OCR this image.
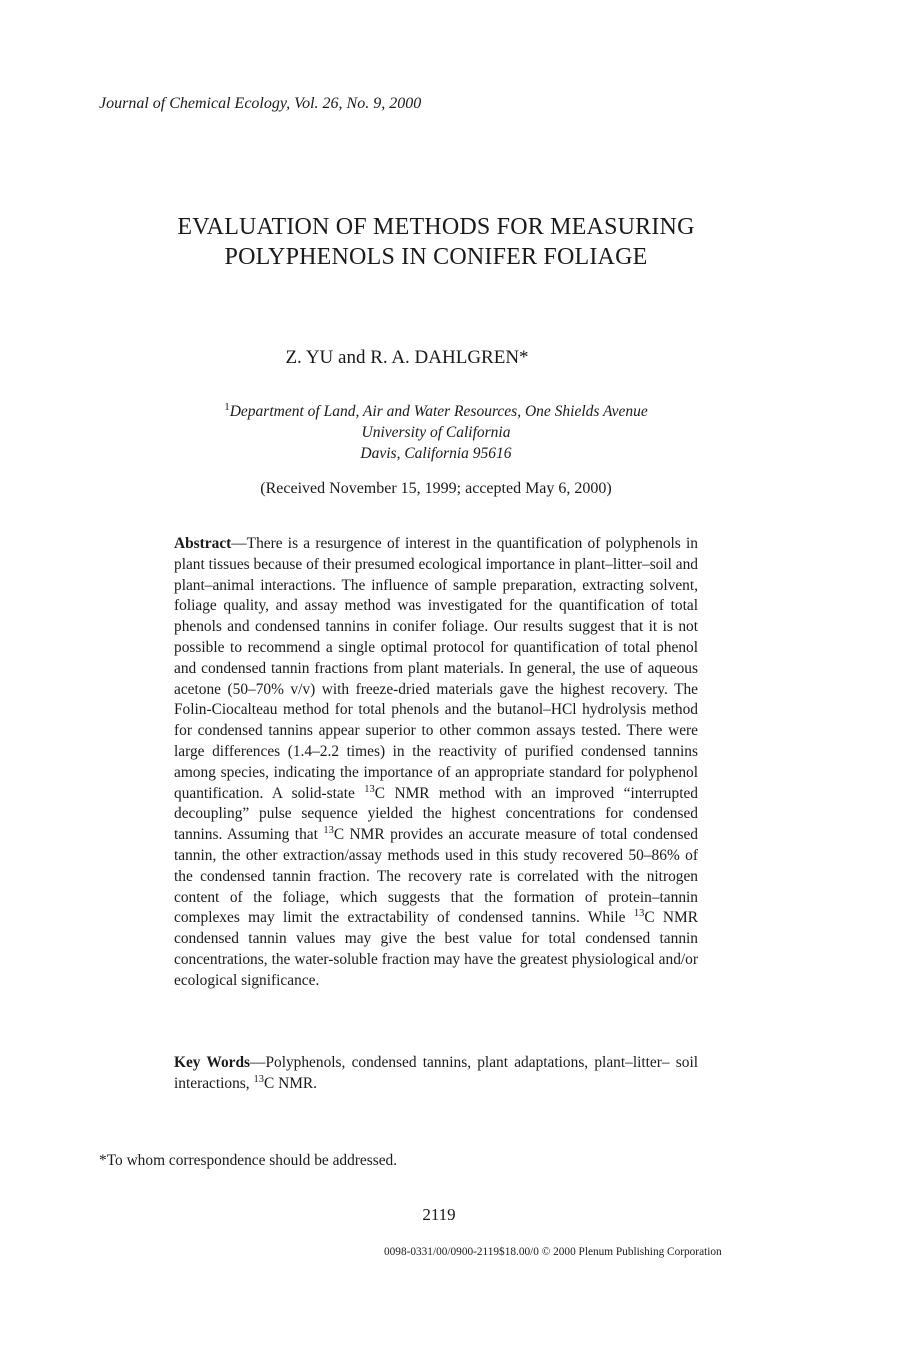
Journal of Chemical Ecology, Vol. 26, No. 9, 2000
EVALUATION OF METHODS FOR MEASURING
POLYPHENOLS IN CONIFER FOLIAGE
Z. YU and R. A. DAHLGREN*
$^1$Department of Land, Air and Water Resources, One Shields Avenue
University of California
Davis, California 95616
(Received November 15, 1999; accepted May 6, 2000)
Abstract—There is a resurgence of interest in the quantification of polyphenols in plant tissues because of their presumed ecological importance in plant–litter–soil and plant–animal interactions. The influence of sample preparation, extracting solvent, foliage quality, and assay method was investigated for the quantification of total phenols and condensed tannins in conifer foliage. Our results suggest that it is not possible to recommend a single optimal protocol for quantification of total phenol and condensed tannin fractions from plant materials. In general, the use of aqueous acetone (50–70% v/v) with freeze-dried materials gave the highest recovery. The Folin-Ciocalteau method for total phenols and the butanol–HCl hydrolysis method for condensed tannins appear superior to other common assays tested. There were large differences (1.4–2.2 times) in the reactivity of purified condensed tannins among species, indicating the importance of an appropriate standard for polyphenol quantification. A solid-state $^{13}$C NMR method with an improved “interrupted decoupling” pulse sequence yielded the highest concentrations for condensed tannins. Assuming that $^{13}$C NMR provides an accurate measure of total condensed tannin, the other extraction/assay methods used in this study recovered 50–86% of the condensed tannin fraction. The recovery rate is correlated with the nitrogen content of the foliage, which suggests that the formation of protein–tannin complexes may limit the extractability of condensed tannins. While $^{13}$C NMR condensed tannin values may give the best value for total condensed tannin concentrations, the water-soluble fraction may have the greatest physiological and/or ecological significance.
Key Words—Polyphenols, condensed tannins, plant adaptations, plant–litter– soil interactions, $^{13}$C NMR.
*To whom correspondence should be addressed.
2119
0098-0331/00/0900-2119$18.00/0 © 2000 Plenum Publishing Corporation
